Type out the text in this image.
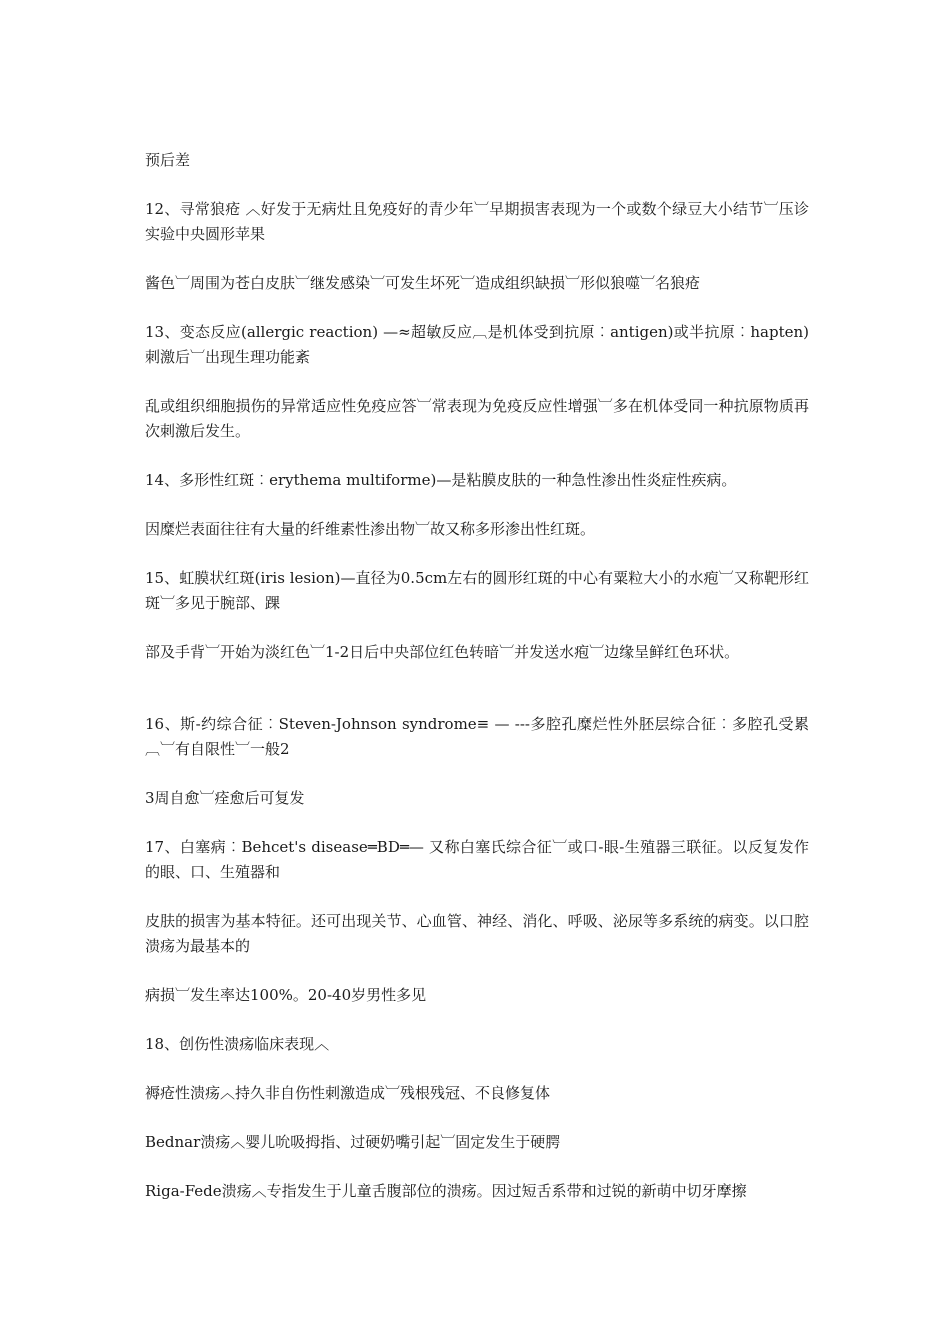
预后差

12、寻常狼疮 ︿好发于无病灶且免疫好的青少年︺早期损害表现为一个或数个绿豆大小结节︺压诊实验中央圆形苹果

酱色︺周围为苍白皮肤︺继发感染︺可发生坏死︺造成组织缺损︺形似狼噬︺名狼疮

13、变态反应(allergic reaction) —≈超敏反应︹是机体受到抗原︰antigen)或半抗原︰hapten)刺激后︺出现生理功能紊

乱或组织细胞损伤的异常适应性免疫应答︺常表现为免疫反应性增强︺多在机体受同一种抗原物质再次刺激后发生。

14、多形性红斑︰erythema multiforme)—是粘膜皮肤的一种急性渗出性炎症性疾病。

因糜烂表面往往有大量的纤维素性渗出物︺故又称多形渗出性红斑。

15、虹膜状红斑(iris lesion)—直径为0.5cm左右的圆形红斑的中心有粟粒大小的水疱︺又称靶形红斑︺多见于腕部、踝

部及手背︺开始为淡红色︺1-2日后中央部位红色转暗︺并发送水疱︺边缘呈鲜红色环状。

16、斯-约综合征︰Steven-Johnson syndrome≡ — ---多腔孔糜烂性外胚层综合征︰多腔孔受累︹︺有自限性︺一般2

3周自愈︺痊愈后可复发

17、白塞病︰Behcet's disease═BD═— 又称白塞氏综合征︺或口-眼-生殖器三联征。以反复发作的眼、口、生殖器和

皮肤的损害为基本特征。还可出现关节、心血管、神经、消化、呼吸、泌尿等多系统的病变。以口腔溃疡为最基本的

病损︺发生率达100%。20-40岁男性多见

18、创伤性溃疡临床表现︿

褥疮性溃疡︿持久非自伤性刺激造成︺残根残冠、不良修复体

Bednar溃疡︿婴儿吮吸拇指、过硬奶嘴引起︺固定发生于硬腭

Riga-Fede溃疡︿专指发生于儿童舌腹部位的溃疡。因过短舌系带和过锐的新萌中切牙摩擦
